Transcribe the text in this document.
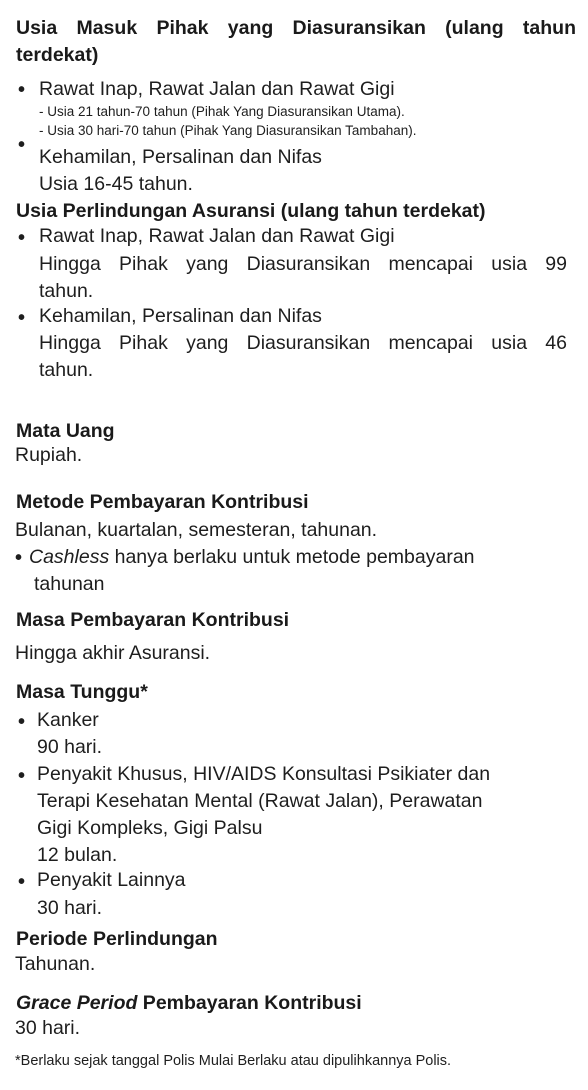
Usia Masuk Pihak yang Diasuransikan (ulang tahun
terdekat)
• Rawat Inap, Rawat Jalan dan Rawat Gigi
- Usia 21 tahun-70 tahun (Pihak Yang Diasuransikan Utama).
- Usia 30 hari-70 tahun (Pihak Yang Diasuransikan Tambahan).
•
Kehamilan, Persalinan dan Nifas
Usia 16-45 tahun.
Usia Perlindungan Asuransi (ulang tahun terdekat)
• Rawat Inap, Rawat Jalan dan Rawat Gigi
Hingga Pihak yang Diasuransikan mencapai usia 99
tahun.
• Kehamilan, Persalinan dan Nifas
Hingga Pihak yang Diasuransikan mencapai usia 46
tahun.
Mata Uang
Rupiah.
Metode Pembayaran Kontribusi
Bulanan, kuartalan, semesteran, tahunan.
• Cashless hanya berlaku untuk metode pembayaran
tahunan
Masa Pembayaran Kontribusi
Hingga akhir Asuransi.
Masa Tunggu*
• Kanker
90 hari.
• Penyakit Khusus, HIV/AIDS Konsultasi Psikiater dan
Terapi Kesehatan Mental (Rawat Jalan), Perawatan
Gigi Kompleks, Gigi Palsu
12 bulan.
• Penyakit Lainnya
30 hari.
Periode Perlindungan
Tahunan.
Grace Period Pembayaran Kontribusi
30 hari.
*Berlaku sejak tanggal Polis Mulai Berlaku atau dipulihkannya Polis.
